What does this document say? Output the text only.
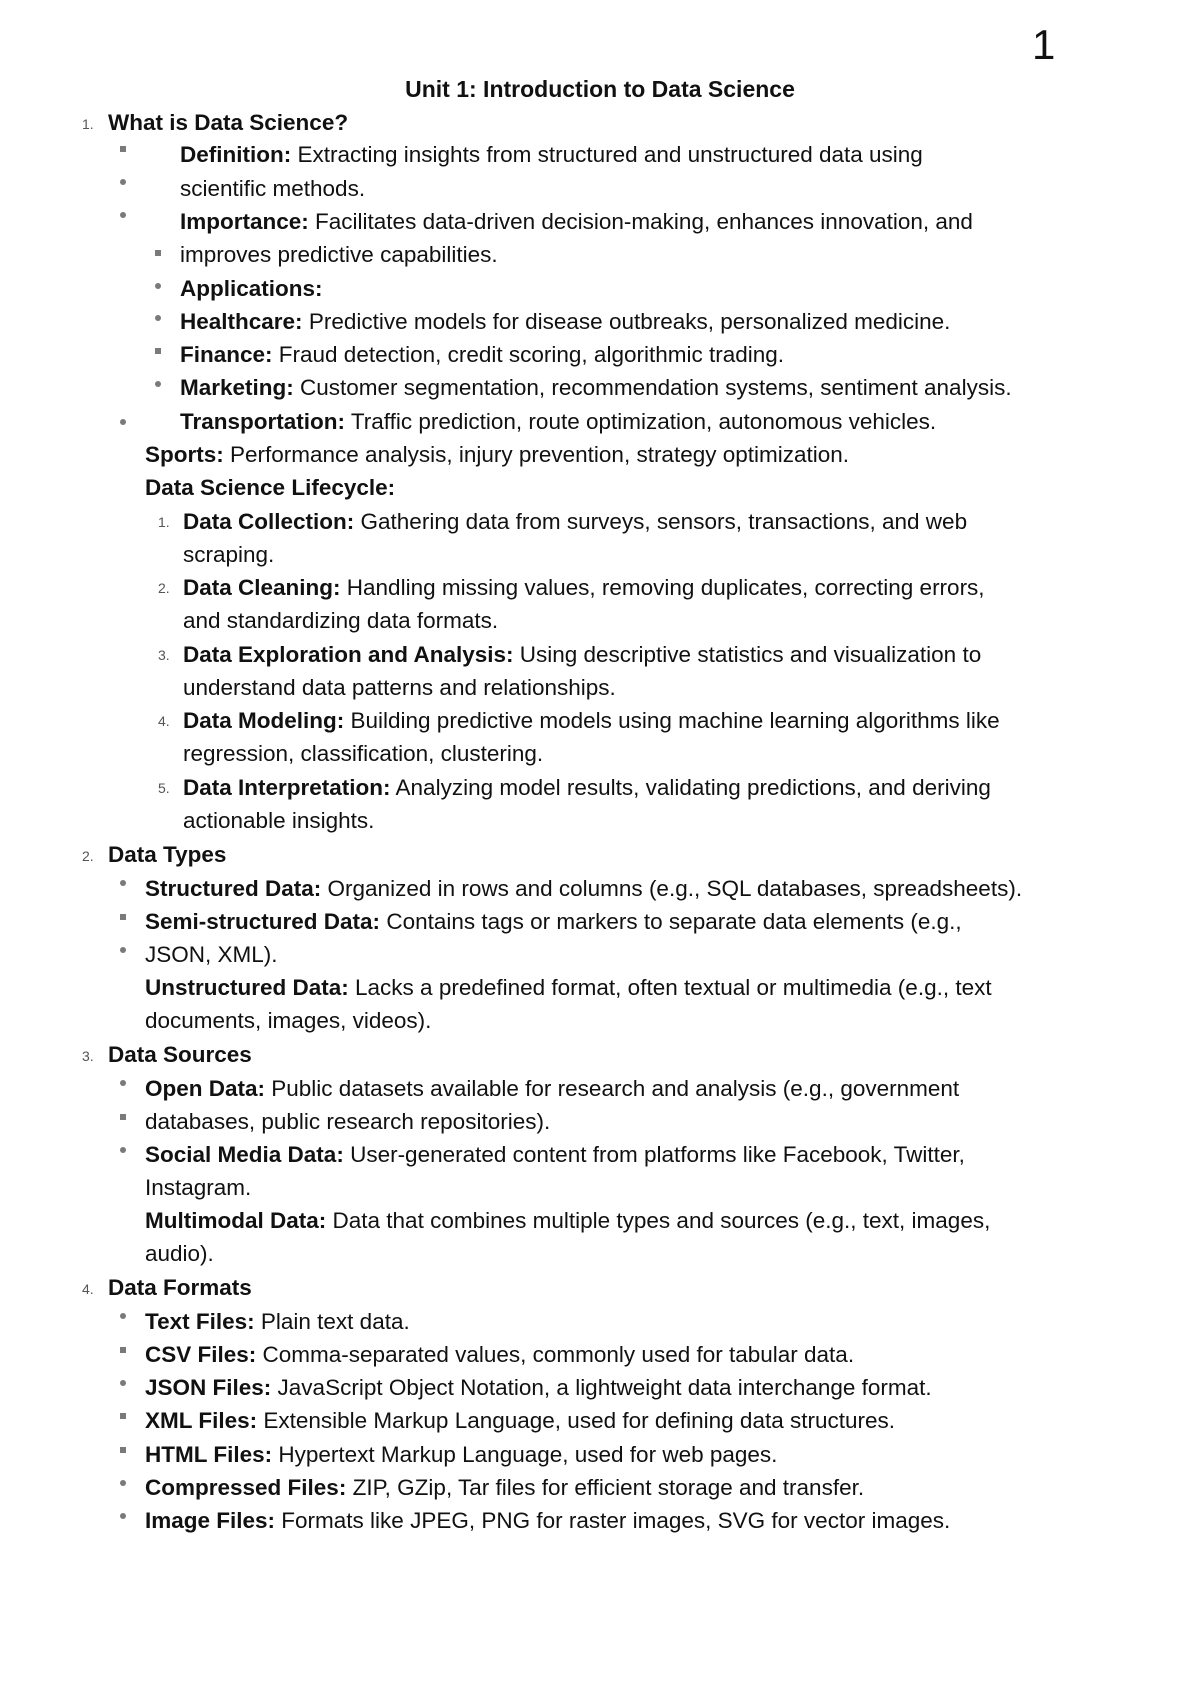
1
Unit 1: Introduction to Data Science
1. What is Data Science?
Definition: Extracting insights from structured and unstructured data using
scientific methods.
Importance: Facilitates data-driven decision-making, enhances innovation, and
improves predictive capabilities.
Applications:
Healthcare: Predictive models for disease outbreaks, personalized medicine.
Finance: Fraud detection, credit scoring, algorithmic trading.
Marketing: Customer segmentation, recommendation systems, sentiment analysis.
Transportation: Traffic prediction, route optimization, autonomous vehicles.
Sports: Performance analysis, injury prevention, strategy optimization.
Data Science Lifecycle:
1. Data Collection: Gathering data from surveys, sensors, transactions, and web
scraping.
2. Data Cleaning: Handling missing values, removing duplicates, correcting errors,
and standardizing data formats.
3. Data Exploration and Analysis: Using descriptive statistics and visualization to
understand data patterns and relationships.
4. Data Modeling: Building predictive models using machine learning algorithms like
regression, classification, clustering.
5. Data Interpretation: Analyzing model results, validating predictions, and deriving
actionable insights.
2. Data Types
Structured Data: Organized in rows and columns (e.g., SQL databases, spreadsheets).
Semi-structured Data: Contains tags or markers to separate data elements (e.g.,
JSON, XML).
Unstructured Data: Lacks a predefined format, often textual or multimedia (e.g., text
documents, images, videos).
3. Data Sources
Open Data: Public datasets available for research and analysis (e.g., government
databases, public research repositories).
Social Media Data: User-generated content from platforms like Facebook, Twitter,
Instagram.
Multimodal Data: Data that combines multiple types and sources (e.g., text, images,
audio).
4. Data Formats
Text Files: Plain text data.
CSV Files: Comma-separated values, commonly used for tabular data.
JSON Files: JavaScript Object Notation, a lightweight data interchange format.
XML Files: Extensible Markup Language, used for defining data structures.
HTML Files: Hypertext Markup Language, used for web pages.
Compressed Files: ZIP, GZip, Tar files for efficient storage and transfer.
Image Files: Formats like JPEG, PNG for raster images, SVG for vector images.
